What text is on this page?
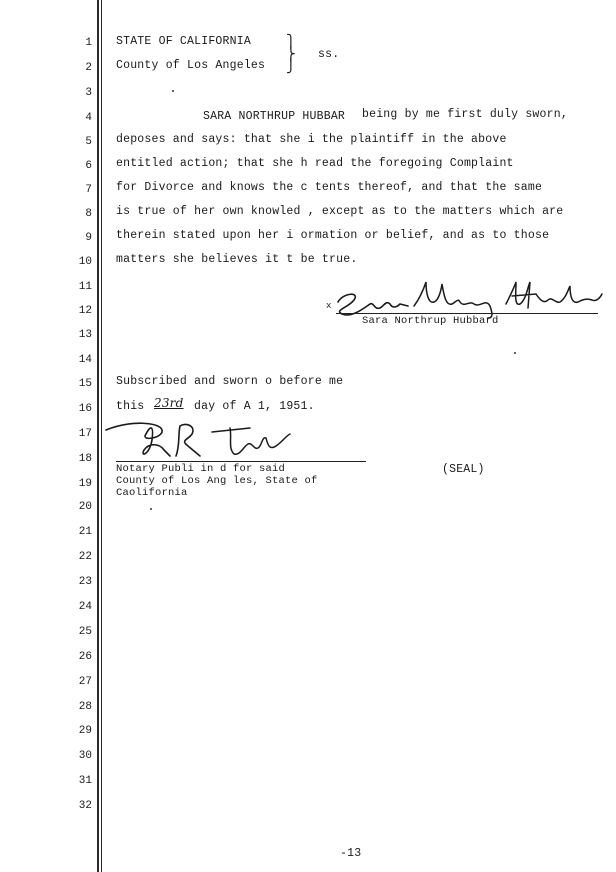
1
2
3
4
5
6
7
8
9
10
11
12
13
14
15
16
17
18
19
20
21
22
23
24
25
26
27
28
29
30
31
32
STATE OF CALIFORNIA
County of Los Angeles
⎫
⎬
⎭
ss.
SARA NORTHRUP HUBBAR being by me first duly sworn,
deposes and says: that she i the plaintiff in the above
entitled action; that she h read the foregoing Complaint
for Divorce and knows the c tents thereof, and that the same
is true of her own knowled , except as to the matters which are
therein stated upon her i ormation or belief, and as to those
matters she believes it t be true.
x
Sara Northrup Hubbard
Subscribed and sworn o before me
this 23rd day of A 1, 1951.
Notary Publi in d for said
County of Los Ang les, State of
Caolifornia
(SEAL)
-13
